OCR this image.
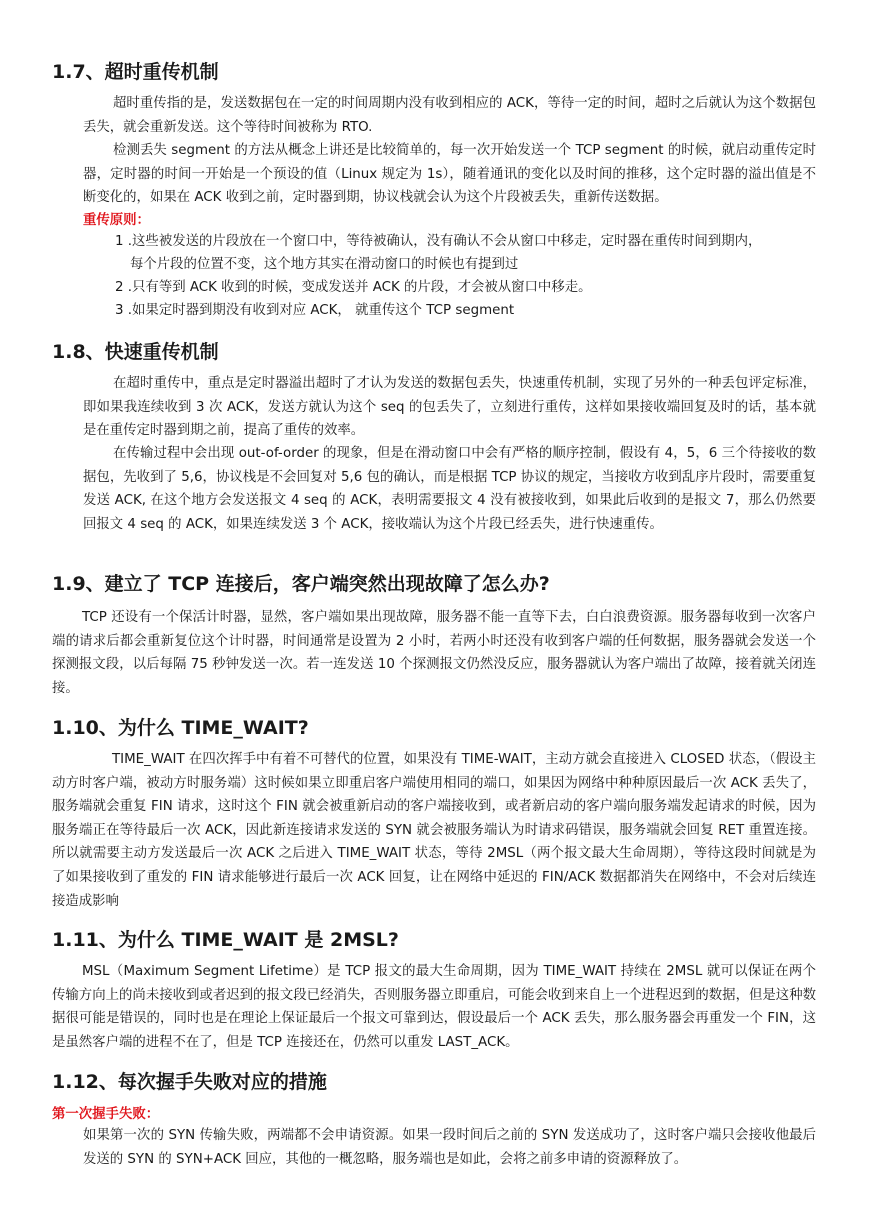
1.7、超时重传机制

超时重传指的是，发送数据包在一定的时间周期内没有收到相应的 ACK，等待一定的时间，超时之后就认为这个数据包丢失，就会重新发送。这个等待时间被称为 RTO.

检测丢失 segment 的方法从概念上讲还是比较简单的，每一次开始发送一个 TCP segment 的时候，就启动重传定时器，定时器的时间一开始是一个预设的值（Linux 规定为 1s），随着通讯的变化以及时间的推移，这个定时器的溢出值是不断变化的，如果在 ACK 收到之前，定时器到期，协议栈就会认为这个片段被丢失，重新传送数据。

重传原则：

1 .这些被发送的片段放在一个窗口中，等待被确认，没有确认不会从窗口中移走，定时器在重传时间到期内，

每个片段的位置不变，这个地方其实在滑动窗口的时候也有提到过

2 .只有等到 ACK 收到的时候，变成发送并 ACK 的片段，才会被从窗口中移走。

3 .如果定时器到期没有收到对应 ACK， 就重传这个 TCP segment

1.8、快速重传机制

在超时重传中，重点是定时器溢出超时了才认为发送的数据包丢失，快速重传机制，实现了另外的一种丢包评定标准，即如果我连续收到 3 次 ACK，发送方就认为这个 seq 的包丢失了，立刻进行重传，这样如果接收端回复及时的话，基本就是在重传定时器到期之前，提高了重传的效率。

在传输过程中会出现 out-of-order 的现象，但是在滑动窗口中会有严格的顺序控制，假设有 4，5，6 三个待接收的数据包，先收到了 5,6，协议栈是不会回复对 5,6 包的确认，而是根据 TCP 协议的规定，当接收方收到乱序片段时，需要重复发送 ACK, 在这个地方会发送报文 4 seq 的 ACK，表明需要报文 4 没有被接收到，如果此后收到的是报文 7，那么仍然要回报文 4 seq 的 ACK，如果连续发送 3 个 ACK，接收端认为这个片段已经丢失，进行快速重传。

1.9、建立了 TCP 连接后，客户端突然出现故障了怎么办?

TCP 还设有一个保活计时器，显然，客户端如果出现故障，服务器不能一直等下去，白白浪费资源。服务器每收到一次客户端的请求后都会重新复位这个计时器，时间通常是设置为 2 小时，若两小时还没有收到客户端的任何数据，服务器就会发送一个探测报文段，以后每隔 75 秒钟发送一次。若一连发送 10 个探测报文仍然没反应，服务器就认为客户端出了故障，接着就关闭连接。

1.10、为什么 TIME_WAIT?

TIME_WAIT 在四次挥手中有着不可替代的位置，如果没有 TIME-WAIT，主动方就会直接进入 CLOSED 状态，（假设主动方时客户端，被动方时服务端）这时候如果立即重启客户端使用相同的端口，如果因为网络中种种原因最后一次 ACK 丢失了，服务端就会重复 FIN 请求，这时这个 FIN 就会被重新启动的客户端接收到，或者新启动的客户端向服务端发起请求的时候，因为服务端正在等待最后一次 ACK，因此新连接请求发送的 SYN 就会被服务端认为时请求码错误，服务端就会回复 RET 重置连接。所以就需要主动方发送最后一次 ACK 之后进入 TIME_WAIT 状态，等待 2MSL（两个报文最大生命周期），等待这段时间就是为了如果接收到了重发的 FIN 请求能够进行最后一次 ACK 回复，让在网络中延迟的 FIN/ACK 数据都消失在网络中，不会对后续连接造成影响

1.11、为什么 TIME_WAIT 是 2MSL?

MSL（Maximum Segment Lifetime）是 TCP 报文的最大生命周期，因为 TIME_WAIT 持续在 2MSL 就可以保证在两个传输方向上的尚未接收到或者迟到的报文段已经消失，否则服务器立即重启，可能会收到来自上一个进程迟到的数据，但是这种数据很可能是错误的，同时也是在理论上保证最后一个报文可靠到达，假设最后一个 ACK 丢失，那么服务器会再重发一个 FIN，这是虽然客户端的进程不在了，但是 TCP 连接还在，仍然可以重发 LAST_ACK。

1.12、每次握手失败对应的措施

第一次握手失败：

如果第一次的 SYN 传输失败，两端都不会申请资源。如果一段时间后之前的 SYN 发送成功了，这时客户端只会接收他最后发送的 SYN 的 SYN+ACK 回应，其他的一概忽略，服务端也是如此，会将之前多申请的资源释放了。
